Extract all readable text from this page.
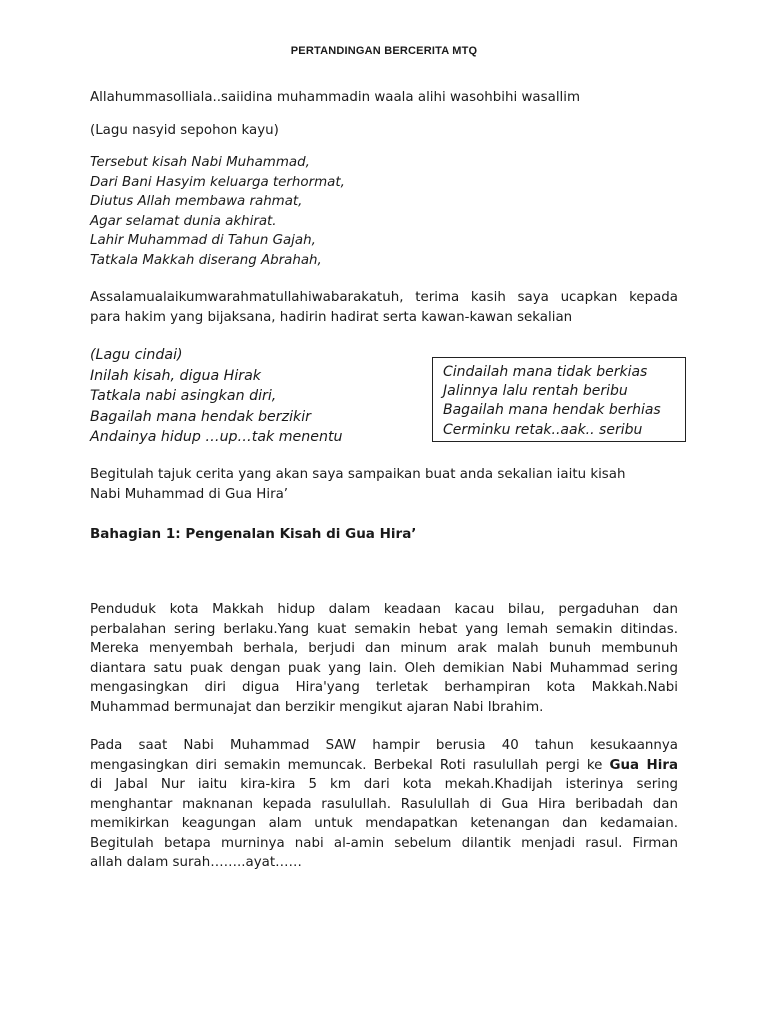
PERTANDINGAN BERCERITA MTQ

Allahummasolliala..saiidina muhammadin waala alihi wasohbihi wasallim

(Lagu nasyid sepohon kayu)

Tersebut kisah Nabi Muhammad,
Dari Bani Hasyim keluarga terhormat,
Diutus Allah membawa rahmat,
Agar selamat dunia akhirat.
Lahir Muhammad di Tahun Gajah,
Tatkala Makkah diserang Abrahah,
Assalamualaikumwarahmatullahiwabarakatuh, terima kasih saya ucapkan kepada
para hakim yang bijaksana, hadirin hadirat serta kawan-kawan sekalian
(Lagu cindai)
Inilah kisah, digua Hirak
Tatkala nabi asingkan diri,
Bagailah mana hendak berzikir
Andainya hidup …up…tak menentu
Cindailah mana tidak berkias
Jalinnya lalu rentah beribu
Bagailah mana hendak berhias
Cerminku retak..aak.. seribu
Begitulah tajuk cerita yang akan saya sampaikan buat anda sekalian iaitu kisah
Nabi Muhammad di Gua Hira’
Bahagian 1: Pengenalan Kisah di Gua Hira’
Penduduk kota Makkah hidup dalam keadaan kacau bilau, pergaduhan dan
perbalahan sering berlaku.Yang kuat semakin hebat yang lemah semakin ditindas.
Mereka menyembah berhala, berjudi dan minum arak malah bunuh membunuh
diantara satu puak dengan puak yang lain. Oleh demikian Nabi Muhammad sering
mengasingkan diri digua Hira'yang terletak berhampiran kota Makkah.Nabi
Muhammad bermunajat dan berzikir mengikut ajaran Nabi Ibrahim.
Pada saat Nabi Muhammad SAW hampir berusia 40 tahun kesukaannya
mengasingkan diri semakin memuncak. Berbekal Roti rasulullah pergi ke Gua Hira
di Jabal Nur iaitu kira-kira 5 km dari kota mekah.Khadijah isterinya sering
menghantar maknanan kepada rasulullah. Rasulullah di Gua Hira beribadah dan
memikirkan keagungan alam untuk mendapatkan ketenangan dan kedamaian.
Begitulah betapa murninya nabi al-amin sebelum dilantik menjadi rasul. Firman
allah dalam surah……..ayat……
